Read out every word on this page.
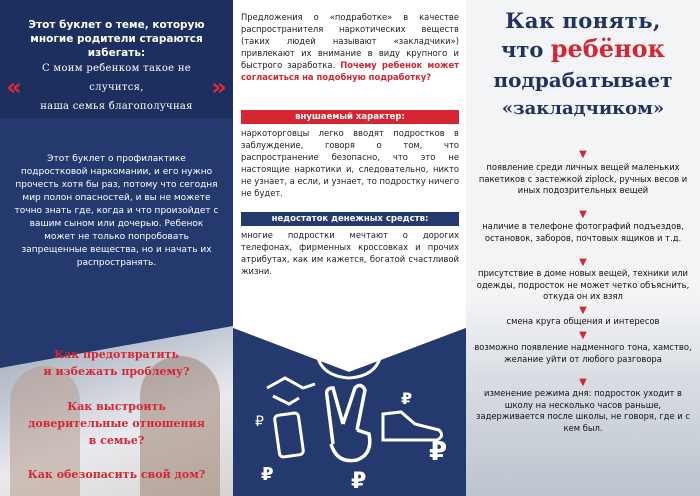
Этот буклет о теме, которую многие родители стараются избегать:
«
С моим ребенком такое не случится,
наша семья благополучная
»
Этот буклет о профилактике подростковой наркомании, и его нужно прочесть хотя бы раз, потому что сегодня мир полон опасностей, и вы не можете точно знать где, когда и что произойдет с вашим сыном или дочерью. Ребенок может не только попробовать запрещенные вещества, но и начать их распространять.
Как предотвратить
и избежать проблему?
Как выстроить
доверительные отношения
в семье?
Как обезопасить свой дом?
Предложения о «подработке» в качестве распространителя наркотических веществ (таких людей называют «закладчики») привлекают их внимание в виду крупного и быстрого заработка. Почему ребенок может согласиться на подобную подработку?
внушаемый характер:
наркоторговцы легко вводят подростков в заблуждение, говоря о том, что распространение безопасно, что это не настоящие наркотики и, следовательно, никто не узнает, а если, и узнает, то подростку ничего не будет.
недостаток денежных средств:
многие подростки мечтают о дорогих телефонах, фирменных кроссовках и прочих атрибутах, как им кажется, богатой счастливой жизни.
₽
₽
₽
₽
₽
₽
Как понять,
что ребёнок
подрабатывает
«закладчиком»
▼
появление среди личных вещей маленьких пакетиков с застежкой ziplock, ручных весов и иных подозрительных вещей
▼
наличие в телефоне фотографий подъездов, остановок, заборов, почтовых ящиков и т.д.
▼
присутствие в доме новых вещей, техники или одежды, подросток не может четко объяснить, откуда он их взял
▼
смена круга общения и интересов
▼
возможно появление надменного тона, хамство, желание уйти от любого разговора
▼
изменение режима дня: подросток уходит в школу на несколько часов раньше, задерживается после школы, не говоря, где и с кем был.
